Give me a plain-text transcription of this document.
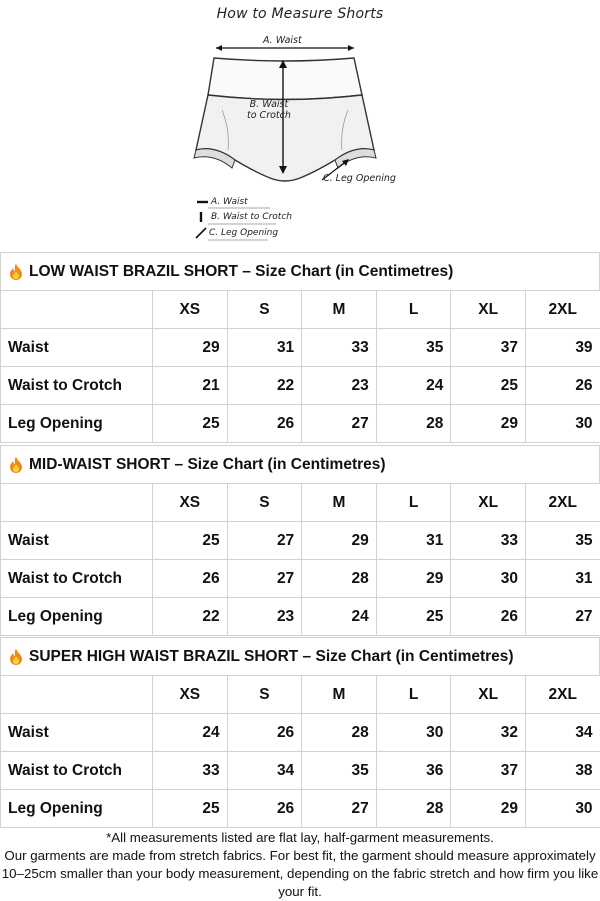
How to Measure Shorts
A. Waist
B. Waist
to Crotch
C. Leg Opening
A. Waist
B. Waist to Crotch
C. Leg Opening
LOW WAIST BRAZIL SHORT – Size Chart (in Centimetres)
	XS	S	M	L	XL	2XL
Waist	29	31	33	35	37	39
Waist to Crotch	21	22	23	24	25	26
Leg Opening	25	26	27	28	29	30
MID-WAIST SHORT – Size Chart (in Centimetres)
	XS	S	M	L	XL	2XL
Waist	25	27	29	31	33	35
Waist to Crotch	26	27	28	29	30	31
Leg Opening	22	23	24	25	26	27
SUPER HIGH WAIST BRAZIL SHORT – Size Chart (in Centimetres)
	XS	S	M	L	XL	2XL
Waist	24	26	28	30	32	34
Waist to Crotch	33	34	35	36	37	38
Leg Opening	25	26	27	28	29	30
*All measurements listed are flat lay, half-garment measurements.
Our garments are made from stretch fabrics. For best fit, the garment should measure approximately 10–25cm smaller than your body measurement, depending on the fabric stretch and how firm you like your fit.
